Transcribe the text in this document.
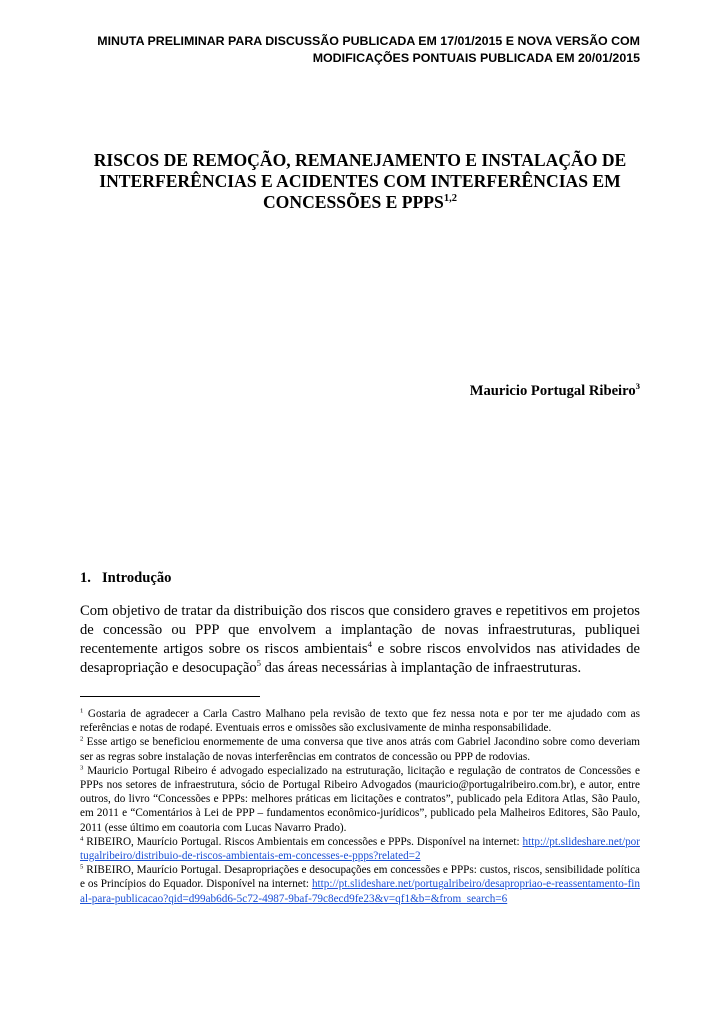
MINUTA PRELIMINAR PARA DISCUSSÃO PUBLICADA EM 17/01/2015 E NOVA VERSÃO COM
MODIFICAÇÕES PONTUAIS PUBLICADA EM 20/01/2015
RISCOS DE REMOÇÃO, REMANEJAMENTO E INSTALAÇÃO DE
INTERFERÊNCIAS E ACIDENTES COM INTERFERÊNCIAS EM
CONCESSÕES E PPPS$^{1,2}$
Mauricio Portugal Ribeiro$^3$
1. Introdução
Com objetivo de tratar da distribuição dos riscos que considero graves e repetitivos em projetos de concessão ou PPP que envolvem a implantação de novas infraestruturas, publiquei recentemente artigos sobre os riscos ambientais$^4$ e sobre riscos envolvidos nas atividades de desapropriação e desocupação$^5$ das áreas necessárias à implantação de infraestruturas.

$^1$ Gostaria de agradecer a Carla Castro Malhano pela revisão de texto que fez nessa nota e por ter me ajudado com as referências e notas de rodapé. Eventuais erros e omissões são exclusivamente de minha responsabilidade.

$^2$ Esse artigo se beneficiou enormemente de uma conversa que tive anos atrás com Gabriel Jacondino sobre como deveriam ser as regras sobre instalação de novas interferências em contratos de concessão ou PPP de rodovias.

$^3$ Mauricio Portugal Ribeiro é advogado especializado na estruturação, licitação e regulação de contratos de Concessões e PPPs nos setores de infraestrutura, sócio de Portugal Ribeiro Advogados (mauricio@portugalribeiro.com.br), e autor, entre outros, do livro “Concessões e PPPs: melhores práticas em licitações e contratos”, publicado pela Editora Atlas, São Paulo, em 2011 e “Comentários à Lei de PPP – fundamentos econômico-jurídicos”, publicado pela Malheiros Editores, São Paulo, 2011 (esse último em coautoria com Lucas Navarro Prado).

$^4$ RIBEIRO, Maurício Portugal. Riscos Ambientais em concessões e PPPs. Disponível na internet: http://pt.slideshare.net/portugalribeiro/distribuio-de-riscos-ambientais-em-concesses-e-ppps?related=2

$^5$ RIBEIRO, Maurício Portugal. Desapropriações e desocupações em concessões e PPPs: custos, riscos, sensibilidade política e os Princípios do Equador. Disponível na internet: http://pt.slideshare.net/portugalribeiro/desapropriao-e-reassentamento-final-para-publicacao?qid=d99ab6d6-5c72-4987-9baf-79c8ecd9fe23&v=qf1&b=&from_search=6
